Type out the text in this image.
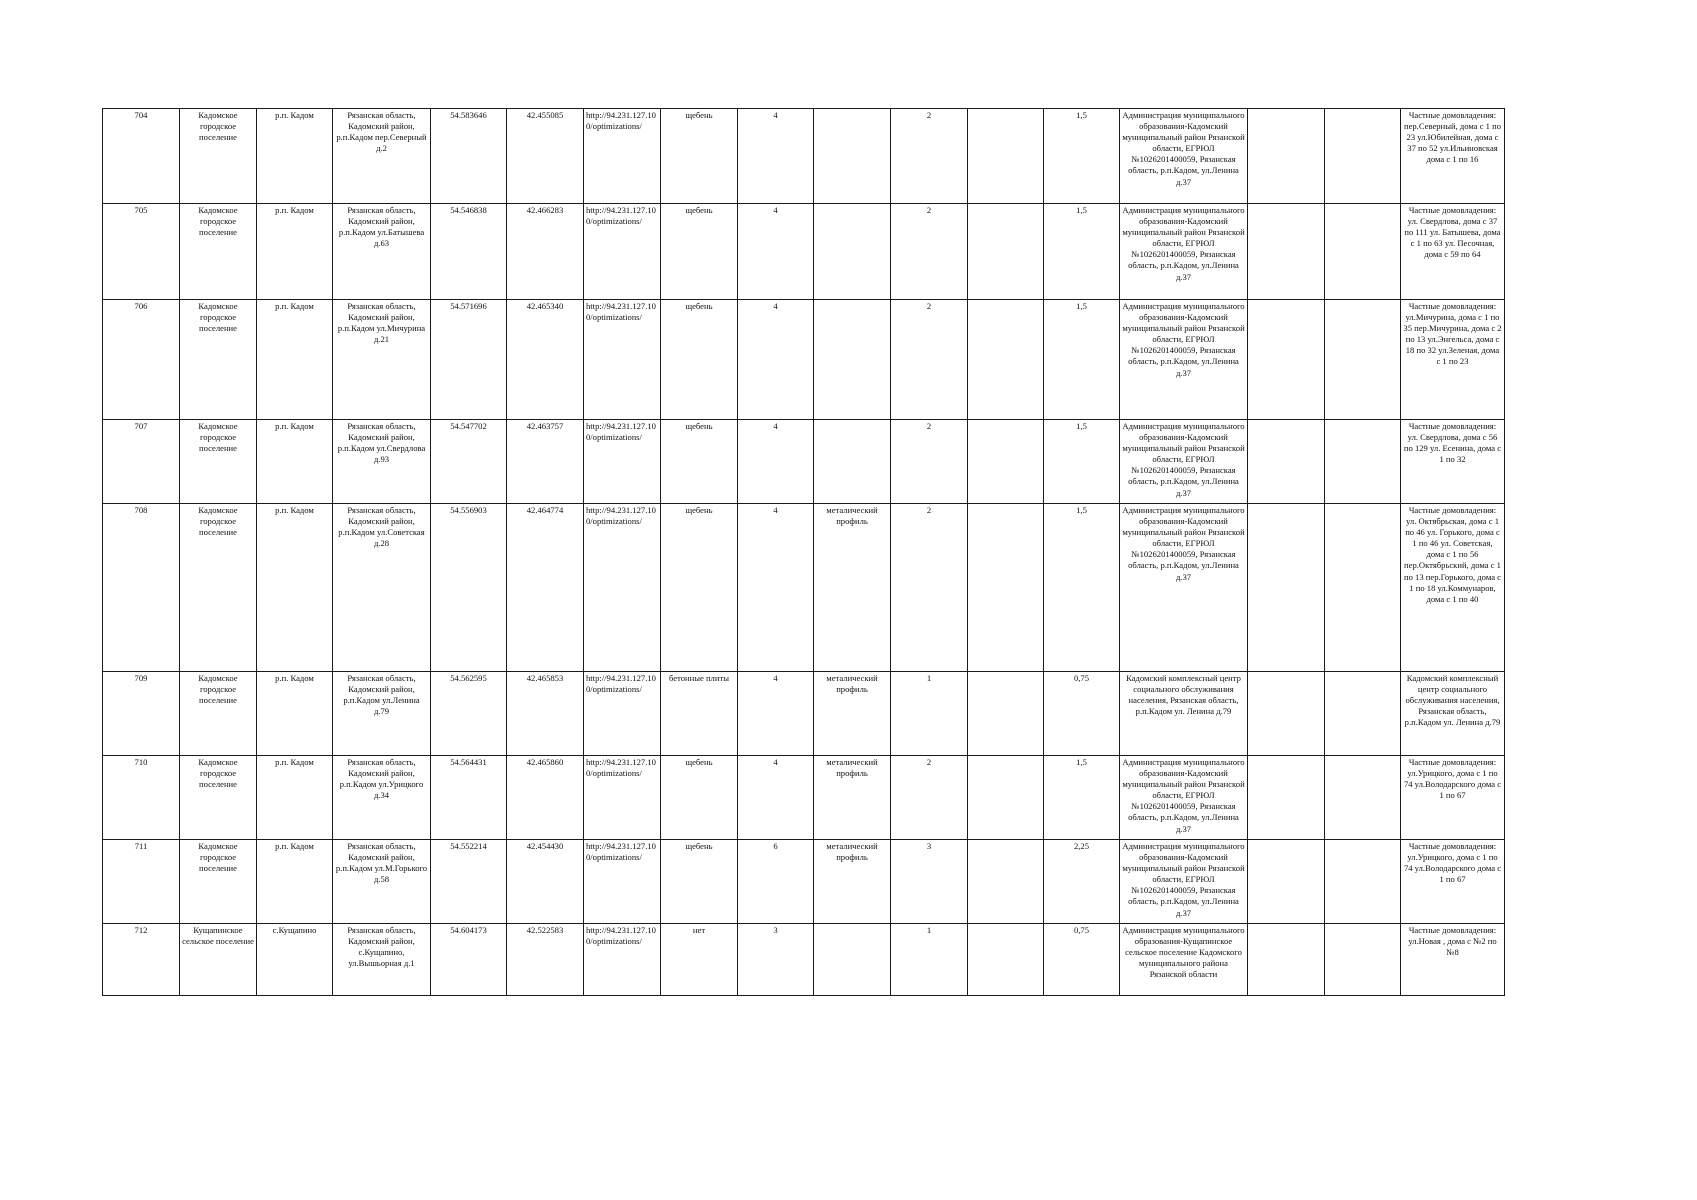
704	Кадомское городское поселение	р.п. Кадом	Рязанская область, Кадомский район, р.п.Кадом пер.Северный д.2	54.583646	42.455085	http://94.231.127.100/optimizations/	щебень	4		2		1,5	Администрация муниципального образования-Кадомский муниципальный район Рязанской области, ЕГРЮЛ №1026201400059, Рязанская область, р.п.Кадом, ул.Ленина д.37			Частные домовладения: пер.Северный, дома с 1 по 23 ул.Юбилейная, дома с 37 по 52 ул.Ильиновская дома с 1 по 16
705	Кадомское городское поселение	р.п. Кадом	Рязанская область, Кадомский район, р.п.Кадом ул.Батышева д.63	54.546838	42.466283	http://94.231.127.100/optimizations/	щебень	4		2		1,5	Администрация муниципального образования-Кадомский муниципальный район Рязанской области, ЕГРЮЛ №1026201400059, Рязанская область, р.п.Кадом, ул.Ленина д.37			Частные домовладения: ул. Свердлова, дома с 37 по 111 ул. Батышева, дома с 1 по 63 ул. Песочная, дома с 59 по 64
706	Кадомское городское поселение	р.п. Кадом	Рязанская область, Кадомский район, р.п.Кадом ул.Мичурина д.21	54.571696	42.465340	http://94.231.127.100/optimizations/	щебень	4		2		1,5	Администрация муниципального образования-Кадомский муниципальный район Рязанской области, ЕГРЮЛ №1026201400059, Рязанская область, р.п.Кадом, ул.Ленина д.37			Частные домовладения: ул.Мичурина, дома с 1 по 35 пер.Мичурина, дома с 2 по 13 ул.Энгельса, дома с 18 по 32 ул.Зеленая, дома с 1 по 23
707	Кадомское городское поселение	р.п. Кадом	Рязанская область, Кадомский район, р.п.Кадом ул.Свердлова д.93	54.547702	42.463757	http://94.231.127.100/optimizations/	щебень	4		2		1,5	Администрация муниципального образования-Кадомский муниципальный район Рязанской области, ЕГРЮЛ №1026201400059, Рязанская область, р.п.Кадом, ул.Ленина д.37			Частные домовладения: ул. Свердлова, дома с 56 по 129 ул. Есенина, дома с 1 по 32
708	Кадомское городское поселение	р.п. Кадом	Рязанская область, Кадомский район, р.п.Кадом ул.Советская д.28	54.556903	42.464774	http://94.231.127.100/optimizations/	щебень	4	металический профиль	2		1,5	Администрация муниципального образования-Кадомский муниципальный район Рязанской области, ЕГРЮЛ №1026201400059, Рязанская область, р.п.Кадом, ул.Ленина д.37			Частные домовладения: ул. Октябрьская, дома с 1 по 46 ул. Горького, дома с 1 по 46 ул. Советская, дома с 1 по 56 пер.Октябрьский, дома с 1 по 13 пер.Горького, дома с 1 по 18 ул.Коммунаров, дома с 1 по 40
709	Кадомское городское поселение	р.п. Кадом	Рязанская область, Кадомский район, р.п.Кадом ул.Ленина д.79	54.562595	42.465853	http://94.231.127.100/optimizations/	бетонные плиты	4	металический профиль	1		0,75	Кадомский комплексный центр социального обслуживания населения, Рязанская область, р.п.Кадом ул. Ленина д.79			Кадомский комплексный центр социального обслуживания населения, Рязанская область, р.п.Кадом ул. Ленина д.79
710	Кадомское городское поселение	р.п. Кадом	Рязанская область, Кадомский район, р.п.Кадом ул.Урицкого д.34	54.564431	42.465860	http://94.231.127.100/optimizations/	щебень	4	металический профиль	2		1,5	Администрация муниципального образования-Кадомский муниципальный район Рязанской области, ЕГРЮЛ №1026201400059, Рязанская область, р.п.Кадом, ул.Ленина д.37			Частные домовладения: ул.Урицкого, дома с 1 по 74 ул.Володарского дома с 1 по 67
711	Кадомское городское поселение	р.п. Кадом	Рязанская область, Кадомский район, р.п.Кадом ул.М.Горького д.58	54.552214	42.454430	http://94.231.127.100/optimizations/	щебень	6	металический профиль	3		2,25	Администрация муниципального образования-Кадомский муниципальный район Рязанской области, ЕГРЮЛ №1026201400059, Рязанская область, р.п.Кадом, ул.Ленина д.37			Частные домовладения: ул.Урицкого, дома с 1 по 74 ул.Володарского дома с 1 по 67
712	Кущапинское сельское поселение	с.Кущапино	Рязанская область, Кадомский район, с.Кущапино, ул.Вышьорная д.1	54.604173	42.522583	http://94.231.127.100/optimizations/	нет	3		1		0,75	Администрация муниципального образования-Кущапинское сельское поселение Кадомского муниципального района Рязанской области			Частные домовладения: ул.Новая , дома с №2 по №8
